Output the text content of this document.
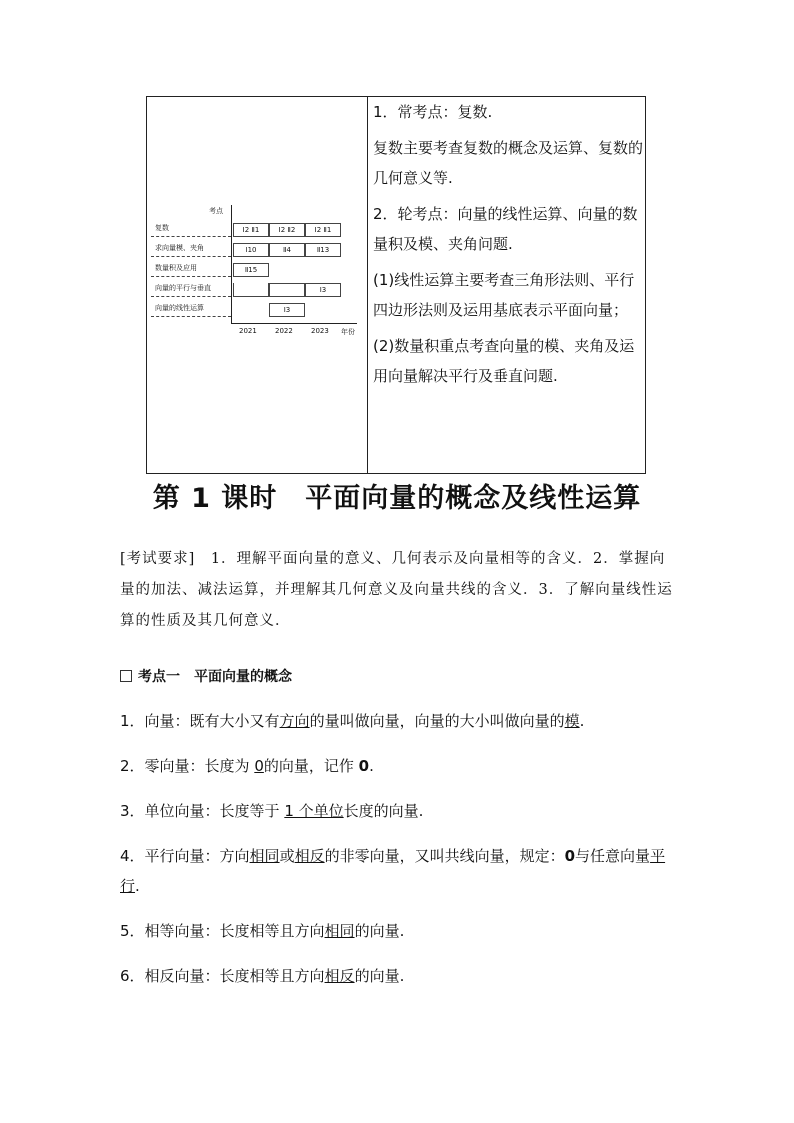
考点
复数	Ⅰ2 Ⅱ1	Ⅰ2 Ⅱ2	Ⅰ2 Ⅱ1
求向量模、夹角	Ⅰ10	Ⅱ4	Ⅱ13
数量积及应用	Ⅱ15
向量的平行与垂直	Ⅰ3
向量的线性运算	Ⅰ3
2021	2022	2023 年份

1．常考点：复数.

复数主要考查复数的概念及运算、复数的几何意义等.

2．轮考点：向量的线性运算、向量的数量积及模、夹角问题.

(1)线性运算主要考查三角形法则、平行四边形法则及运用基底表示平面向量；

(2)数量积重点考查向量的模、夹角及运用向量解决平行及垂直问题.

第 1 课时　平面向量的概念及线性运算
[考试要求]　1．理解平面向量的意义、几何表示及向量相等的含义．2．掌握向量的加法、减法运算，并理解其几何意义及向量共线的含义．3．了解向量线性运算的性质及其几何意义．
考点一　平面向量的概念
1．向量：既有大小又有方向的量叫做向量，向量的大小叫做向量的模.
2．零向量：长度为 0的向量，记作 0.
3．单位向量：长度等于 1 个单位长度的向量.
4．平行向量：方向相同或相反的非零向量，又叫共线向量，规定：0与任意向量平行.
5．相等向量：长度相等且方向相同的向量.
6．相反向量：长度相等且方向相反的向量.
